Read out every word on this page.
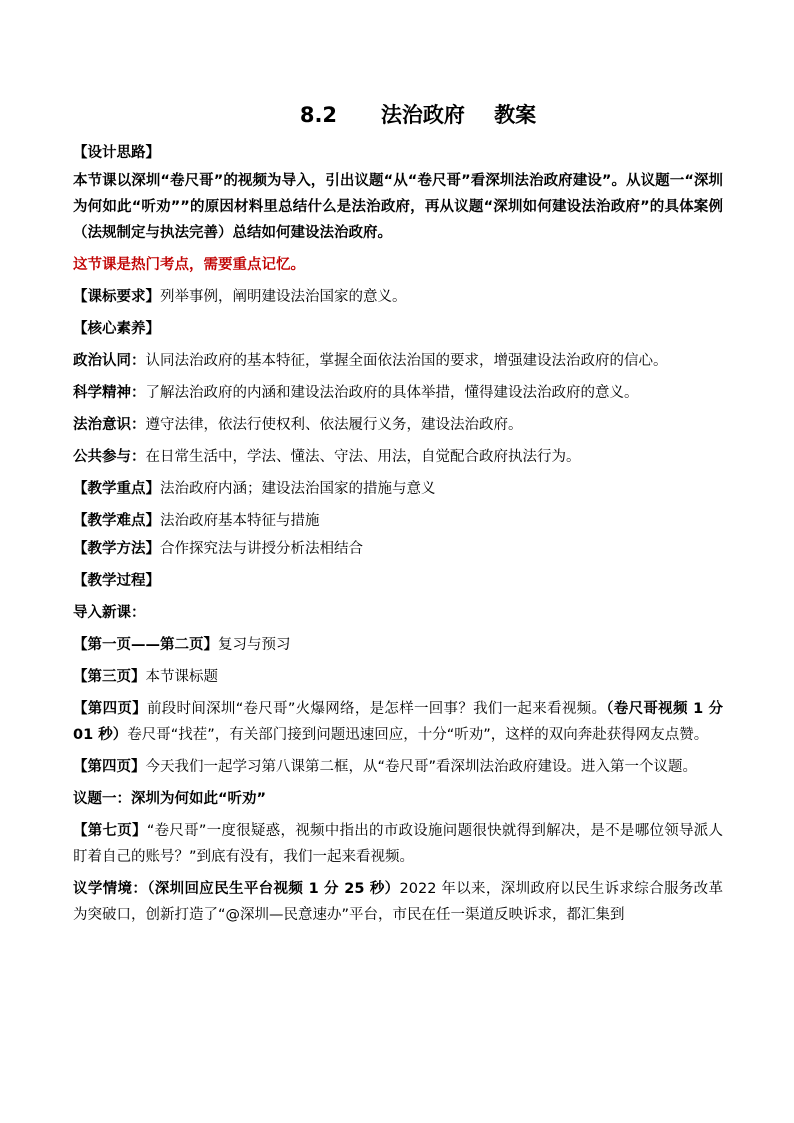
8.2      法治政府    教案
【设计思路】
本节课以深圳“卷尺哥”的视频为导入，引出议题“从“卷尺哥”看深圳法治政府建设”。从议题一“深圳为何如此“听劝””的原因材料里总结什么是法治政府，再从议题“深圳如何建设法治政府”的具体案例（法规制定与执法完善）总结如何建设法治政府。
这节课是热门考点，需要重点记忆。
【课标要求】列举事例，阐明建设法治国家的意义。
【核心素养】
政治认同：认同法治政府的基本特征，掌握全面依法治国的要求，增强建设法治政府的信心。
科学精神：了解法治政府的内涵和建设法治政府的具体举措，懂得建设法治政府的意义。
法治意识：遵守法律，依法行使权利、依法履行义务，建设法治政府。
公共参与：在日常生活中，学法、懂法、守法、用法，自觉配合政府执法行为。
【教学重点】法治政府内涵；建设法治国家的措施与意义
【教学难点】法治政府基本特征与措施
【教学方法】合作探究法与讲授分析法相结合
【教学过程】
导入新课：
【第一页——第二页】复习与预习
【第三页】本节课标题
【第四页】前段时间深圳“卷尺哥”火爆网络，是怎样一回事？我们一起来看视频。（卷尺哥视频 1 分 01 秒）卷尺哥“找茬”，有关部门接到问题迅速回应，十分“听劝”，这样的双向奔赴获得网友点赞。
【第四页】今天我们一起学习第八课第二框，从“卷尺哥”看深圳法治政府建设。进入第一个议题。
议题一：深圳为何如此“听劝”
【第七页】“卷尺哥”一度很疑惑，视频中指出的市政设施问题很快就得到解决，是不是哪位领导派人盯着自己的账号？”到底有没有，我们一起来看视频。
议学情境：（深圳回应民生平台视频 1 分 25 秒）2022 年以来，深圳政府以民生诉求综合服务改革为突破口，创新打造了“@深圳—民意速办”平台，市民在任一渠道反映诉求，都汇集到
